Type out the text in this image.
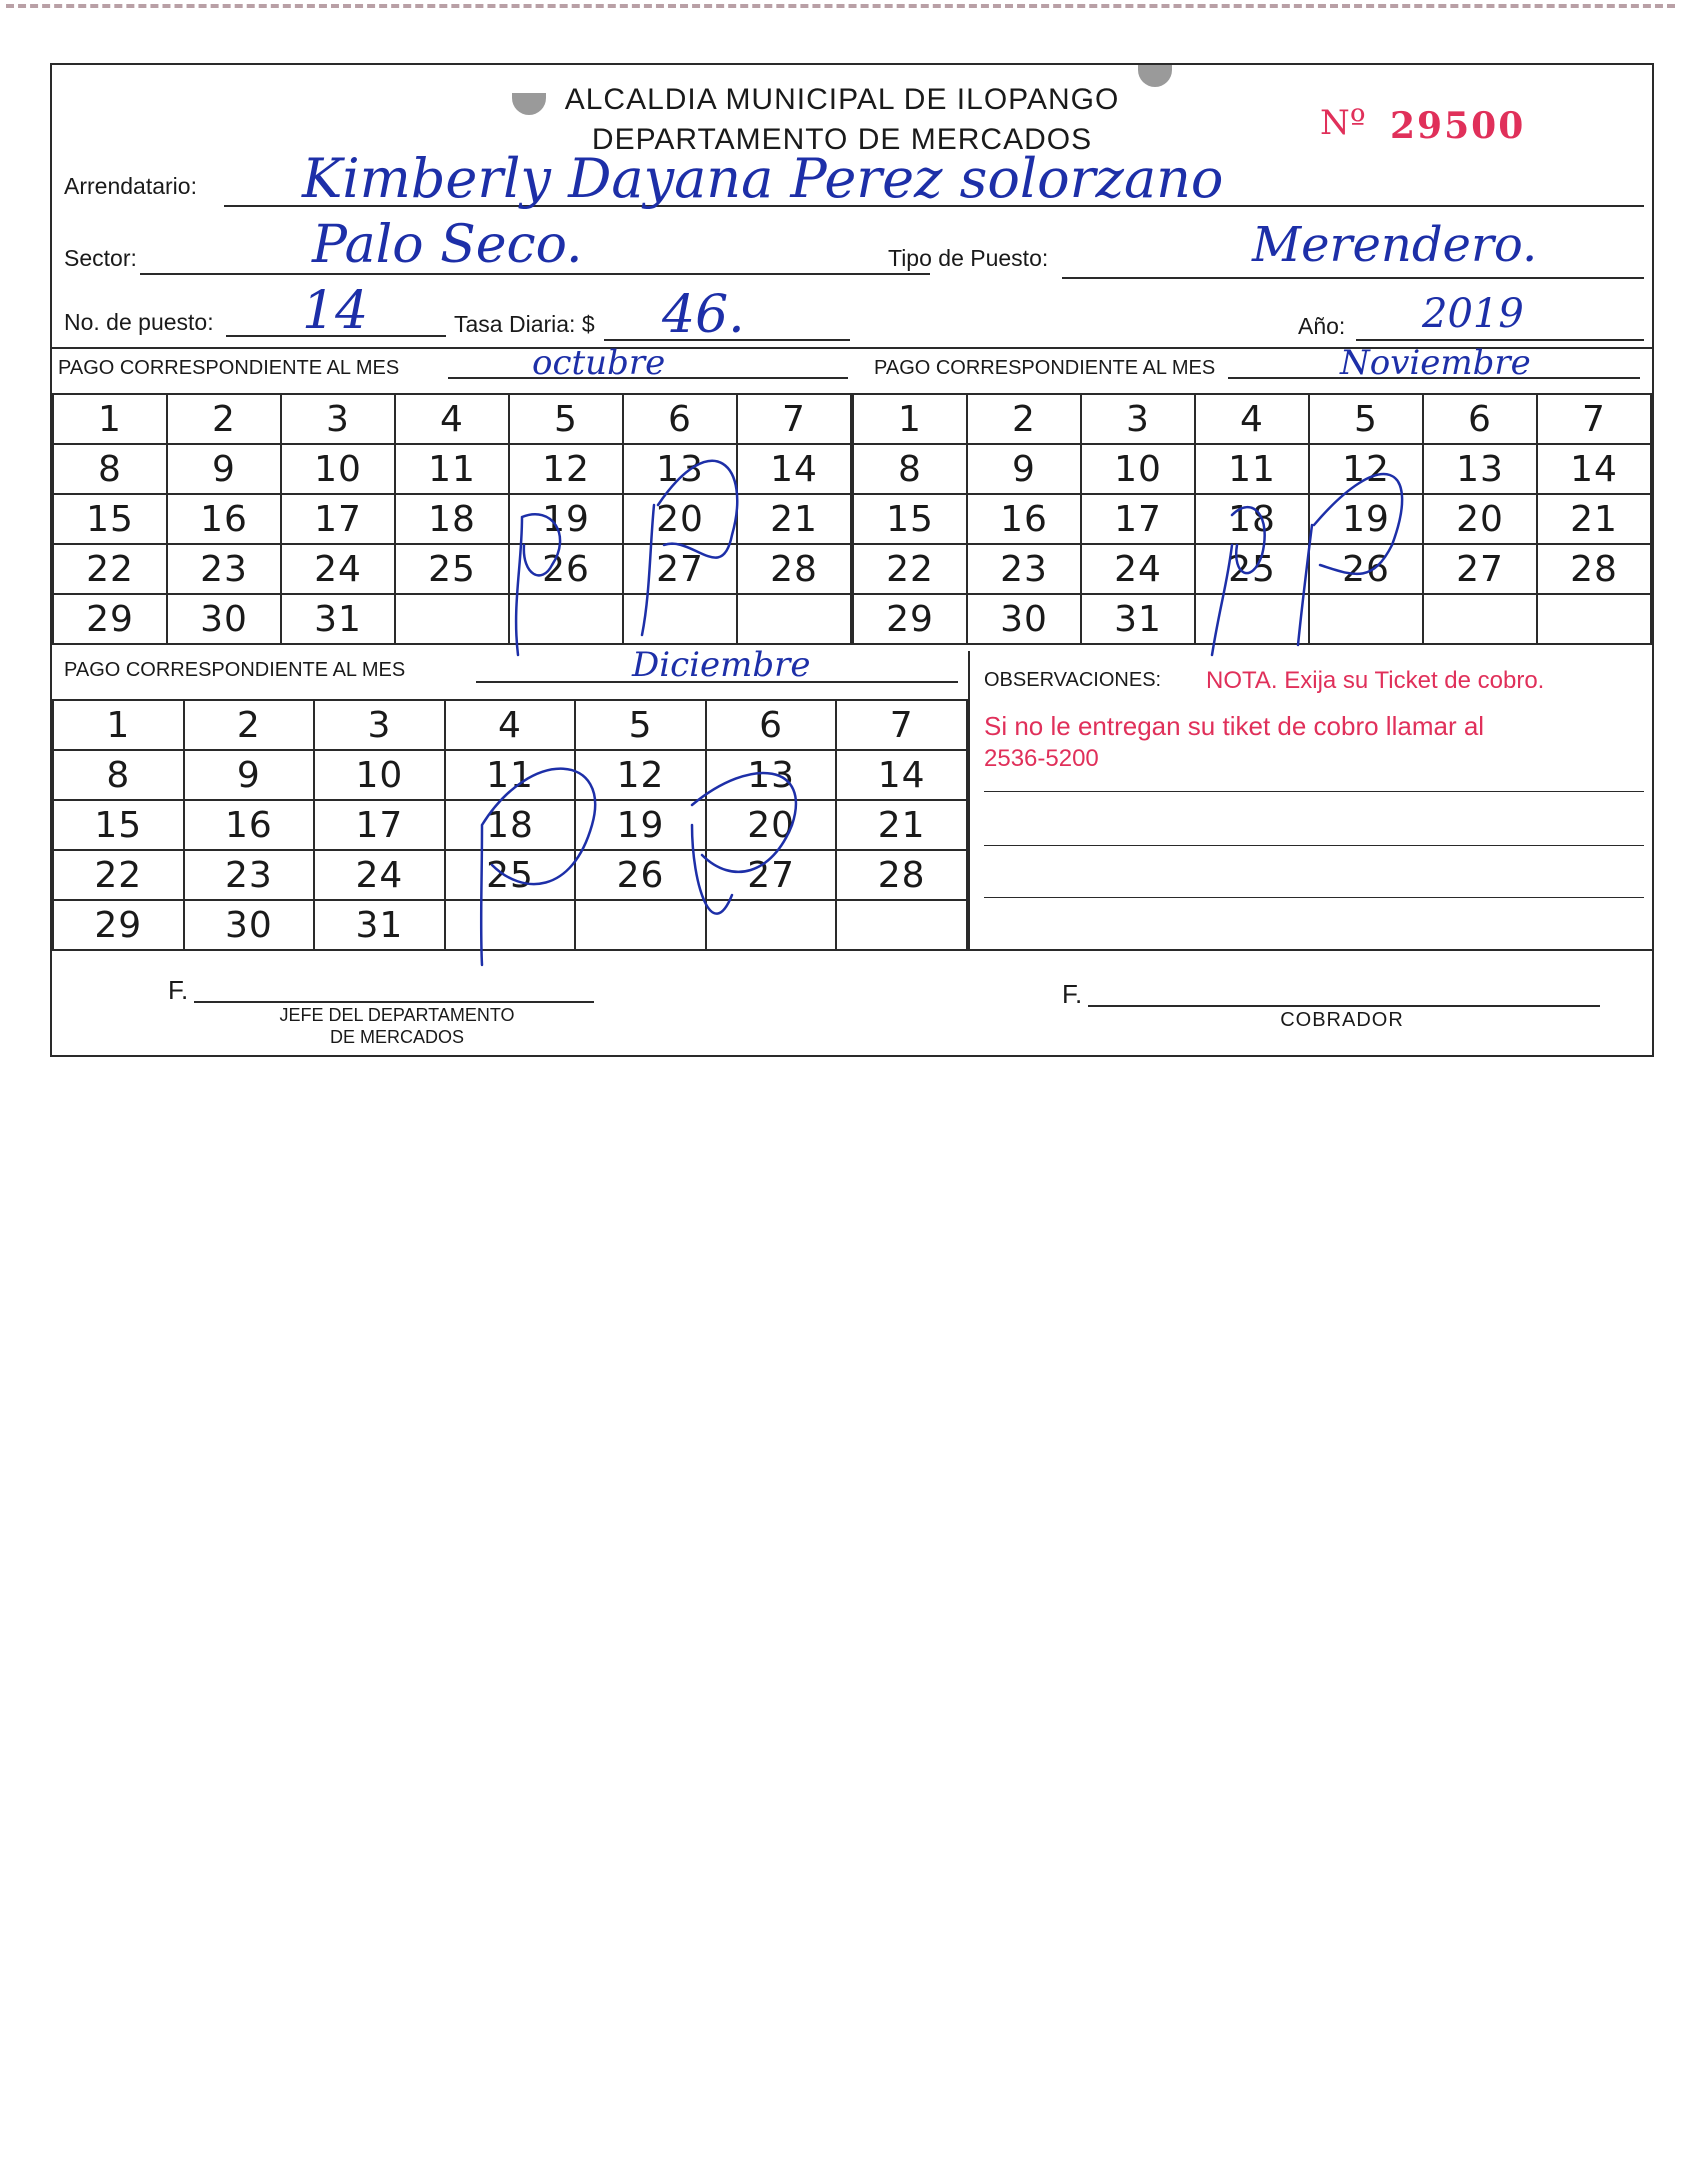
ALCALDIA MUNICIPAL DE ILOPANGO
DEPARTAMENTO DE MERCADOS	Nº 29500
Arrendatario: Kimberly Dayana Perez solorzano
Sector:	Palo Seco.	Tipo de Puesto:	Merendero.
No. de puesto: 14	Tasa Diaria: $ 46.	Año: 2019
PAGO CORRESPONDIENTE AL MES	octubre	PAGO CORRESPONDIENTE AL MES	Noviembre
1	2	3	4	5	6	7
8	9	10	11	12	13	14
15	16	17	18	19	20	21
22	23	24	25	26	27	28
29	30	31				
1	2	3	4	5	6	7
8	9	10	11	12	13	14
15	16	17	18	19	20	21
22	23	24	25	26	27	28
29	30	31				
PAGO CORRESPONDIENTE AL MES	Diciembre
1	2	3	4	5	6	7
8	9	10	11	12	13	14
15	16	17	18	19	20	21
22	23	24	25	26	27	28
29	30	31				
OBSERVACIONES: NOTA. Exija su Ticket de cobro.
Si no le entregan su tiket de cobro llamar al
2536-5200
F.
JEFE DEL DEPARTAMENTO
DE MERCADOS
F.
COBRADOR
